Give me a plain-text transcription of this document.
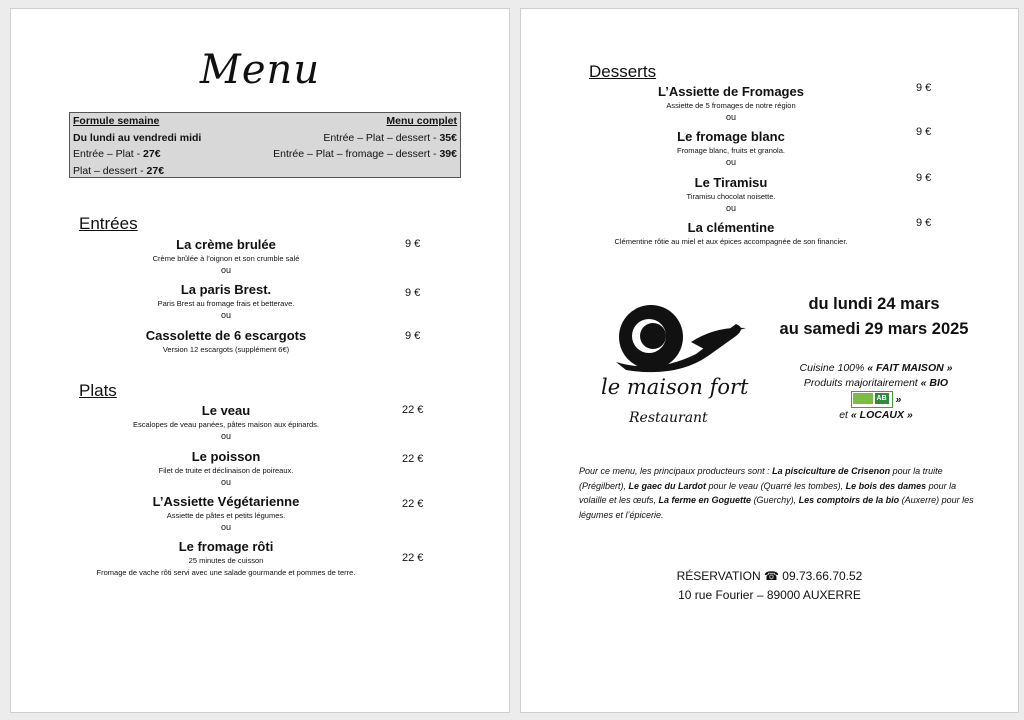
Menu
Formule semaine	Menu complet
Du lundi au vendredi midi	Entrée – Plat – dessert - 35€
Entrée – Plat - 27€	Entrée – Plat – fromage – dessert - 39€
Plat – dessert - 27€
Entrées
La crème brulée
Crème brûlée à l’oignon et son crumble salé
ou
9 €
La paris Brest.
Paris Brest au fromage frais et betterave.
ou
9 €
Cassolette de 6 escargots
Version 12 escargots (supplément 6€)
9 €
Plats
Le veau
Escalopes de veau panées, pâtes maison aux épinards.
ou
22 €
Le poisson
Filet de truite et déclinaison de poireaux.
ou
22 €
L’Assiette Végétarienne
Assiette de pâtes et petits légumes.
ou
22 €
Le fromage rôti
25 minutes de cuisson
Fromage de vache rôti servi avec une salade gourmande et pommes de terre.
22 €
Desserts
L’Assiette de Fromages
Assiette de 5 fromages de notre région
ou
9 €
Le fromage blanc
Fromage blanc, fruits et granola.
ou
9 €
Le Tiramisu
Tiramisu chocolat noisette.
ou
9 €
La clémentine
Clémentine rôtie au miel et aux épices accompagnée de son financier.
9 €
le maison fort
Restaurant
du lundi 24 mars
au samedi 29 mars 2025
Cuisine 100% « FAIT MAISON »
Produits majoritairement « BIO
AB »
et « LOCAUX »
Pour ce menu, les principaux producteurs sont : La pisciculture de Crisenon pour la truite (Prégilbert), Le gaec du Lardot pour le veau (Quarré les tombes), Le bois des dames pour la volaille et les œufs, La ferme en Goguette (Guerchy), Les comptoirs de la bio (Auxerre) pour les légumes et l’épicerie.
RÉSERVATION ☎ 09.73.66.70.52
10 rue Fourier – 89000 AUXERRE
